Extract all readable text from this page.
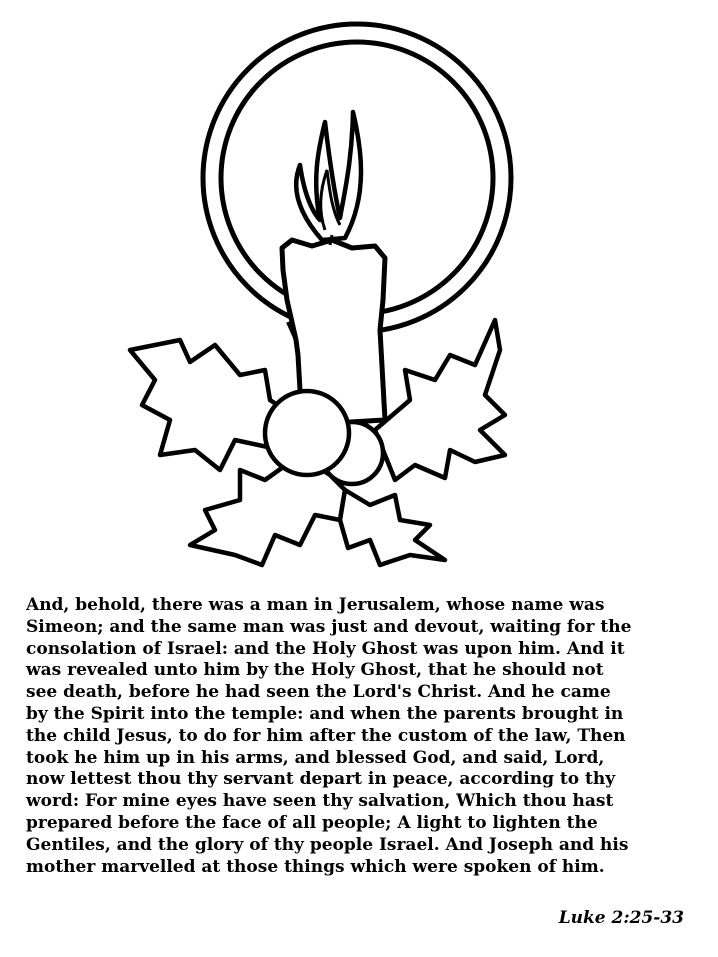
And, behold, there was a man in Jerusalem, whose name was
Simeon; and the same man was just and devout, waiting for the
consolation of Israel: and the Holy Ghost was upon him. And it
was revealed unto him by the Holy Ghost, that he should not
see death, before he had seen the Lord's Christ. And he came
by the Spirit into the temple: and when the parents brought in
the child Jesus, to do for him after the custom of the law, Then
took he him up in his arms, and blessed God, and said, Lord,
now lettest thou thy servant depart in peace, according to thy
word: For mine eyes have seen thy salvation, Which thou hast
prepared before the face of all people; A light to lighten the
Gentiles, and the glory of thy people Israel. And Joseph and his
mother marvelled at those things which were spoken of him.
Luke 2:25-33
